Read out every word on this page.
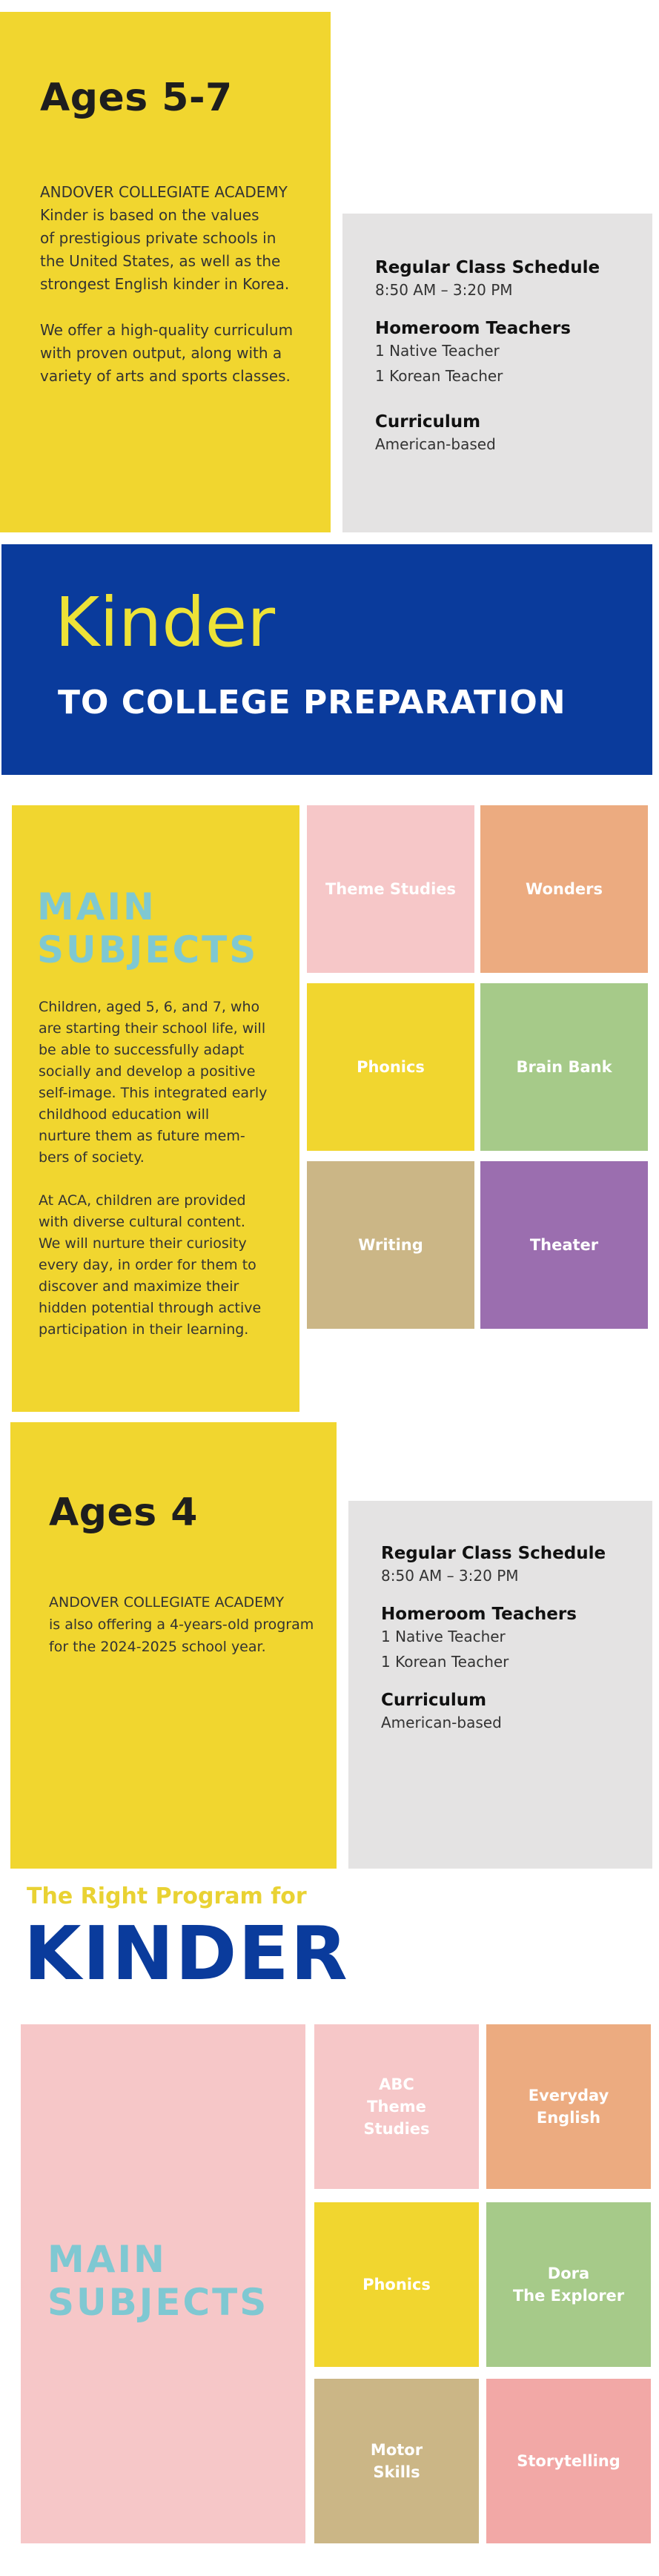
Ages 5-7
ANDOVER COLLEGIATE ACADEMY
Kinder is based on the values
of prestigious private schools in
the United States, as well as the
strongest English kinder in Korea.

We offer a high-quality curriculum
with proven output, along with a
variety of arts and sports classes.

Regular Class Schedule

8:50 AM – 3:20 PM

Homeroom Teachers

1 Native Teacher
1 Korean Teacher

Curriculum

American-based

Kinder
TO COLLEGE PREPARATION
MAIN
SUBJECTS
Children, aged 5, 6, and 7, who
are starting their school life, will
be able to successfully adapt
socially and develop a positive
self-image. This integrated early
childhood education will
nurture them as future mem-
bers of society.

At ACA, children are provided
with diverse cultural content.
We will nurture their curiosity
every day, in order for them to
discover and maximize their
hidden potential through active
participation in their learning.
Theme Studies	Wonders
Phonics	Brain Bank
Writing	Theater
Ages 4
ANDOVER COLLEGIATE ACADEMY
is also offering a 4-years-old program
for the 2024-2025 school year.

Regular Class Schedule

8:50 AM – 3:20 PM

Homeroom Teachers

1 Native Teacher
1 Korean Teacher

Curriculum

American-based

The Right Program for
KINDER
MAIN
SUBJECTS
ABC
Theme
Studies
Everyday
English
Phonics
Dora
The Explorer
Motor
Skills
Storytelling
